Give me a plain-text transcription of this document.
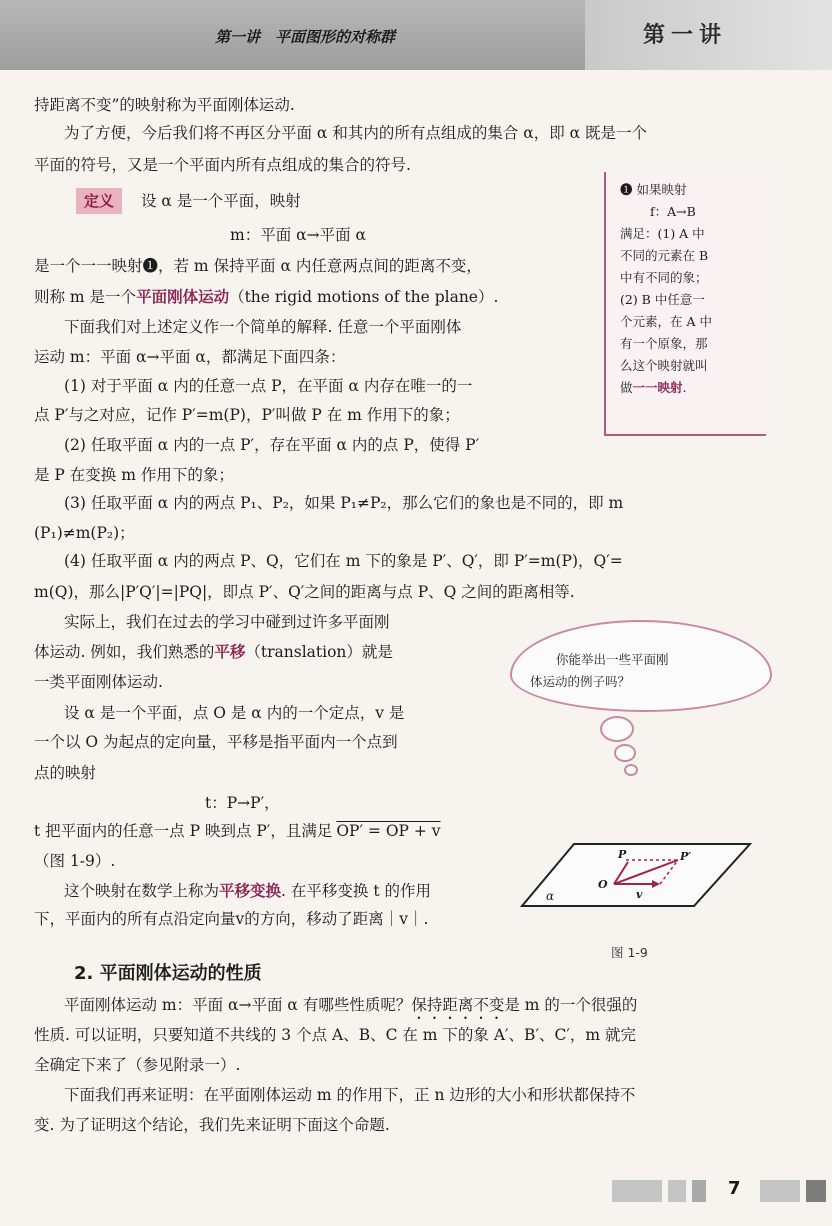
第一讲　平面图形的对称群	第一讲
持距离不变”的映射称为平面刚体运动.
为了方便，今后我们将不再区分平面 α 和其内的所有点组成的集合 α，即 α 既是一个
平面的符号，又是一个平面内所有点组成的集合的符号.
定义 设 α 是一个平面，映射
m：平面 α→平面 α
是一个一一映射❶，若 m 保持平面 α 内任意两点间的距离不变，
则称 m 是一个平面刚体运动（the rigid motions of the plane）.
下面我们对上述定义作一个简单的解释. 任意一个平面刚体
运动 m：平面 α→平面 α，都满足下面四条：
(1) 对于平面 α 内的任意一点 P，在平面 α 内存在唯一的一
点 P′与之对应，记作 P′=m(P)，P′叫做 P 在 m 作用下的象；
(2) 任取平面 α 内的一点 P′，存在平面 α 内的点 P，使得 P′
是 P 在变换 m 作用下的象；
(3) 任取平面 α 内的两点 P₁、P₂，如果 P₁≠P₂，那么它们的象也是不同的，即 m
(P₁)≠m(P₂)；
(4) 任取平面 α 内的两点 P、Q，它们在 m 下的象是 P′、Q′，即 P′=m(P)，Q′=
m(Q)，那么|P′Q′|=|PQ|，即点 P′、Q′之间的距离与点 P、Q 之间的距离相等.
实际上，我们在过去的学习中碰到过许多平面刚
体运动. 例如，我们熟悉的平移（translation）就是
一类平面刚体运动.
设 α 是一个平面，点 O 是 α 内的一个定点，v 是
一个以 O 为起点的定向量，平移是指平面内一个点到
点的映射
t：P→P′，
t 把平面内的任意一点 P 映到点 P′，且满足 OP′ = OP + v
（图 1-9）.
这个映射在数学上称为平移变换. 在平移变换 t 的作用
下，平面内的所有点沿定向量v的方向，移动了距离｜v｜.
2. 平面刚体运动的性质
平面刚体运动 m：平面 α→平面 α 有哪些性质呢？保持距离不变是 m 的一个很强的
性质. 可以证明，只要知道不共线的 3 个点 A、B、C 在 m 下的象 A′、B′、C′，m 就完
全确定下来了（参见附录一）.
下面我们再来证明：在平面刚体运动 m 的作用下，正 n 边形的大小和形状都保持不
变. 为了证明这个结论，我们先来证明下面这个命题.
❶ 如果映射
f：A→B
满足：(1) A 中
不同的元素在 B
中有不同的象；
(2) B 中任意一
个元素，在 A 中
有一个原象，那
么这个映射就叫
做一一映射.
你能举出一些平面刚
体运动的例子吗？
P	P′
O
v
α
图 1-9
7
